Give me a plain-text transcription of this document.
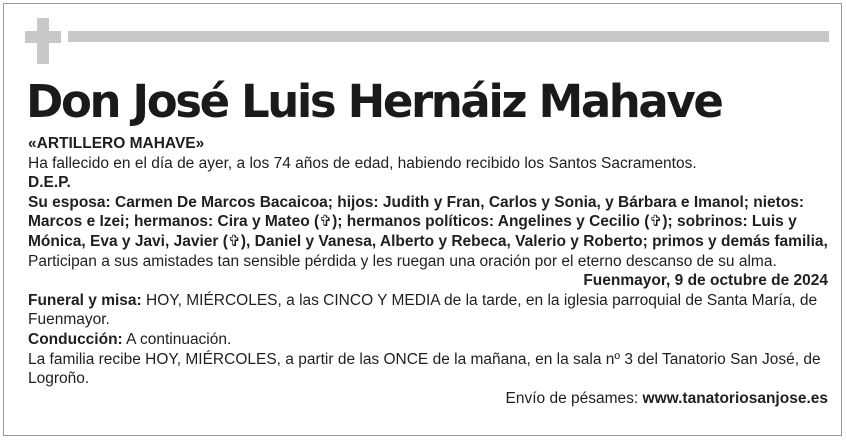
Don José Luis Hernáiz Mahave

«ARTILLERO MAHAVE»

Ha fallecido en el día de ayer, a los 74 años de edad, habiendo recibido los Santos Sacramentos.

D.E.P.

Su esposa: Carmen De Marcos Bacaicoa; hijos: Judith y Fran, Carlos y Sonia, y Bárbara e Imanol; nietos: Marcos e Izei; hermanos: Cira y Mateo (✞); hermanos políticos: Angelines y Cecilio (✞); sobrinos: Luis y Mónica, Eva y Javi, Javier (✞), Daniel y Vanesa, Alberto y Rebeca, Valerio y Roberto; primos y demás familia,

Participan a sus amistades tan sensible pérdida y les ruegan una oración por el eterno descanso de su alma.

Fuenmayor, 9 de octubre de 2024

Funeral y misa: HOY, MIÉRCOLES, a las CINCO Y MEDIA de la tarde, en la iglesia parroquial de Santa María, de Fuenmayor.

Conducción: A continuación.

La familia recibe HOY, MIÉRCOLES, a partir de las ONCE de la mañana, en la sala nº 3 del Tanatorio San José, de Logroño.

Envío de pésames: www.tanatoriosanjose.es
